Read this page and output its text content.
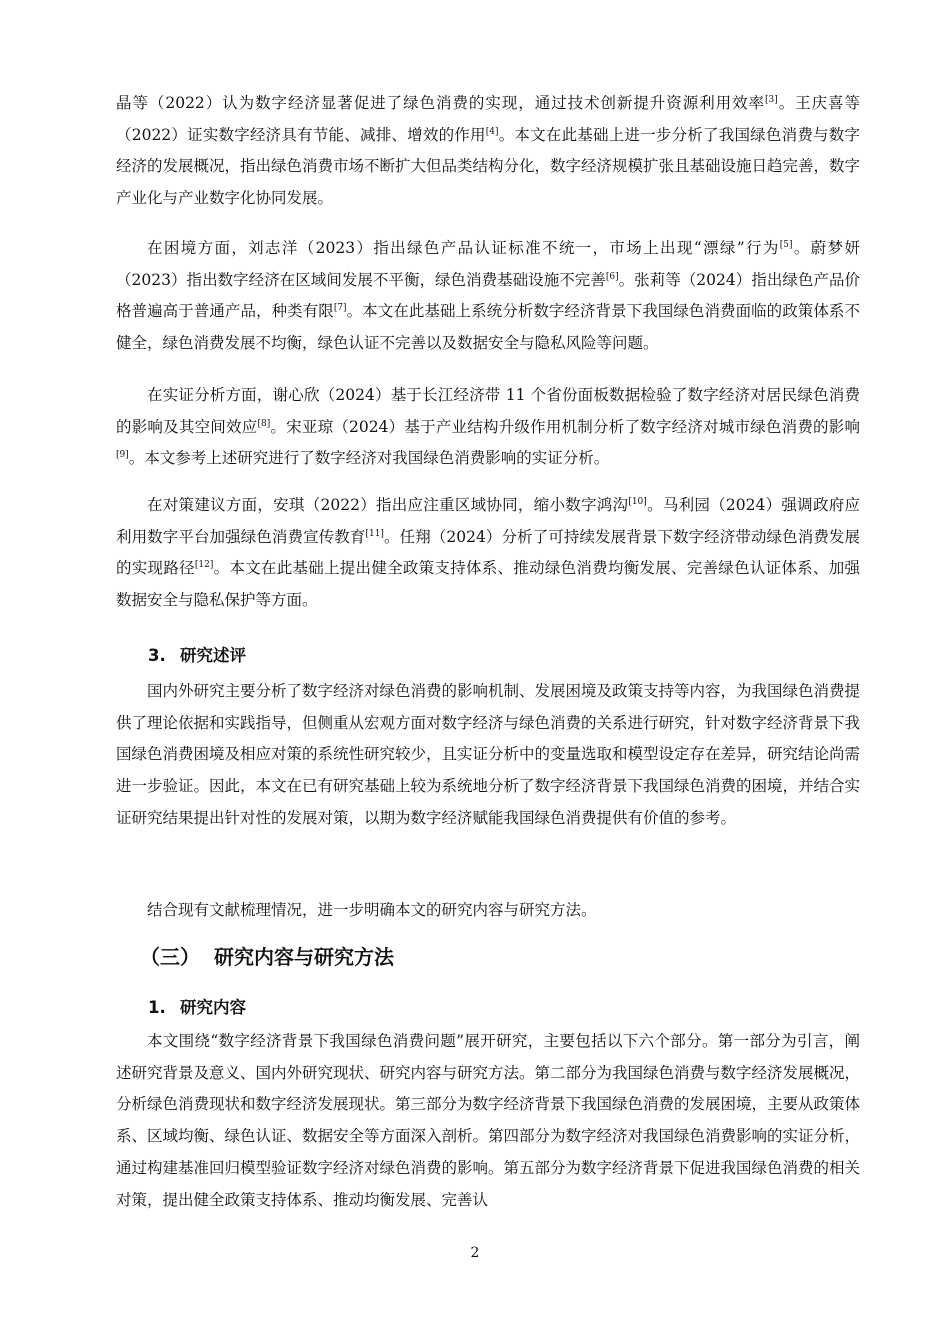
晶等（2022）认为数字经济显著促进了绿色消费的实现，通过技术创新提升资源利用效率[3]。王庆喜等（2022）证实数字经济具有节能、减排、增效的作用[4]。本文在此基础上进一步分析了我国绿色消费与数字经济的发展概况，指出绿色消费市场不断扩大但品类结构分化，数字经济规模扩张且基础设施日趋完善，数字产业化与产业数字化协同发展。

在困境方面，刘志洋（2023）指出绿色产品认证标准不统一，市场上出现“漂绿”行为[5]。蔚梦妍（2023）指出数字经济在区域间发展不平衡，绿色消费基础设施不完善[6]。张莉等（2024）指出绿色产品价格普遍高于普通产品，种类有限[7]。本文在此基础上系统分析数字经济背景下我国绿色消费面临的政策体系不健全，绿色消费发展不均衡，绿色认证不完善以及数据安全与隐私风险等问题。

在实证分析方面，谢心欣（2024）基于长江经济带 11 个省份面板数据检验了数字经济对居民绿色消费的影响及其空间效应[8]。宋亚琼（2024）基于产业结构升级作用机制分析了数字经济对城市绿色消费的影响[9]。本文参考上述研究进行了数字经济对我国绿色消费影响的实证分析。

在对策建议方面，安琪（2022）指出应注重区域协同，缩小数字鸿沟[10]。马利园（2024）强调政府应利用数字平台加强绿色消费宣传教育[11]。任翔（2024）分析了可持续发展背景下数字经济带动绿色消费发展的实现路径[12]。本文在此基础上提出健全政策支持体系、推动绿色消费均衡发展、完善绿色认证体系、加强数据安全与隐私保护等方面。

3. 研究述评

国内外研究主要分析了数字经济对绿色消费的影响机制、发展困境及政策支持等内容，为我国绿色消费提供了理论依据和实践指导，但侧重从宏观方面对数字经济与绿色消费的关系进行研究，针对数字经济背景下我国绿色消费困境及相应对策的系统性研究较少，且实证分析中的变量选取和模型设定存在差异，研究结论尚需进一步验证。因此，本文在已有研究基础上较为系统地分析了数字经济背景下我国绿色消费的困境，并结合实证研究结果提出针对性的发展对策，以期为数字经济赋能我国绿色消费提供有价值的参考。

结合现有文献梳理情况，进一步明确本文的研究内容与研究方法。

（三） 研究内容与研究方法
1. 研究内容

本文围绕“数字经济背景下我国绿色消费问题”展开研究，主要包括以下六个部分。第一部分为引言，阐述研究背景及意义、国内外研究现状、研究内容与研究方法。第二部分为我国绿色消费与数字经济发展概况，分析绿色消费现状和数字经济发展现状。第三部分为数字经济背景下我国绿色消费的发展困境，主要从政策体系、区域均衡、绿色认证、数据安全等方面深入剖析。第四部分为数字经济对我国绿色消费影响的实证分析，通过构建基准回归模型验证数字经济对绿色消费的影响。第五部分为数字经济背景下促进我国绿色消费的相关对策，提出健全政策支持体系、推动均衡发展、完善认

2
